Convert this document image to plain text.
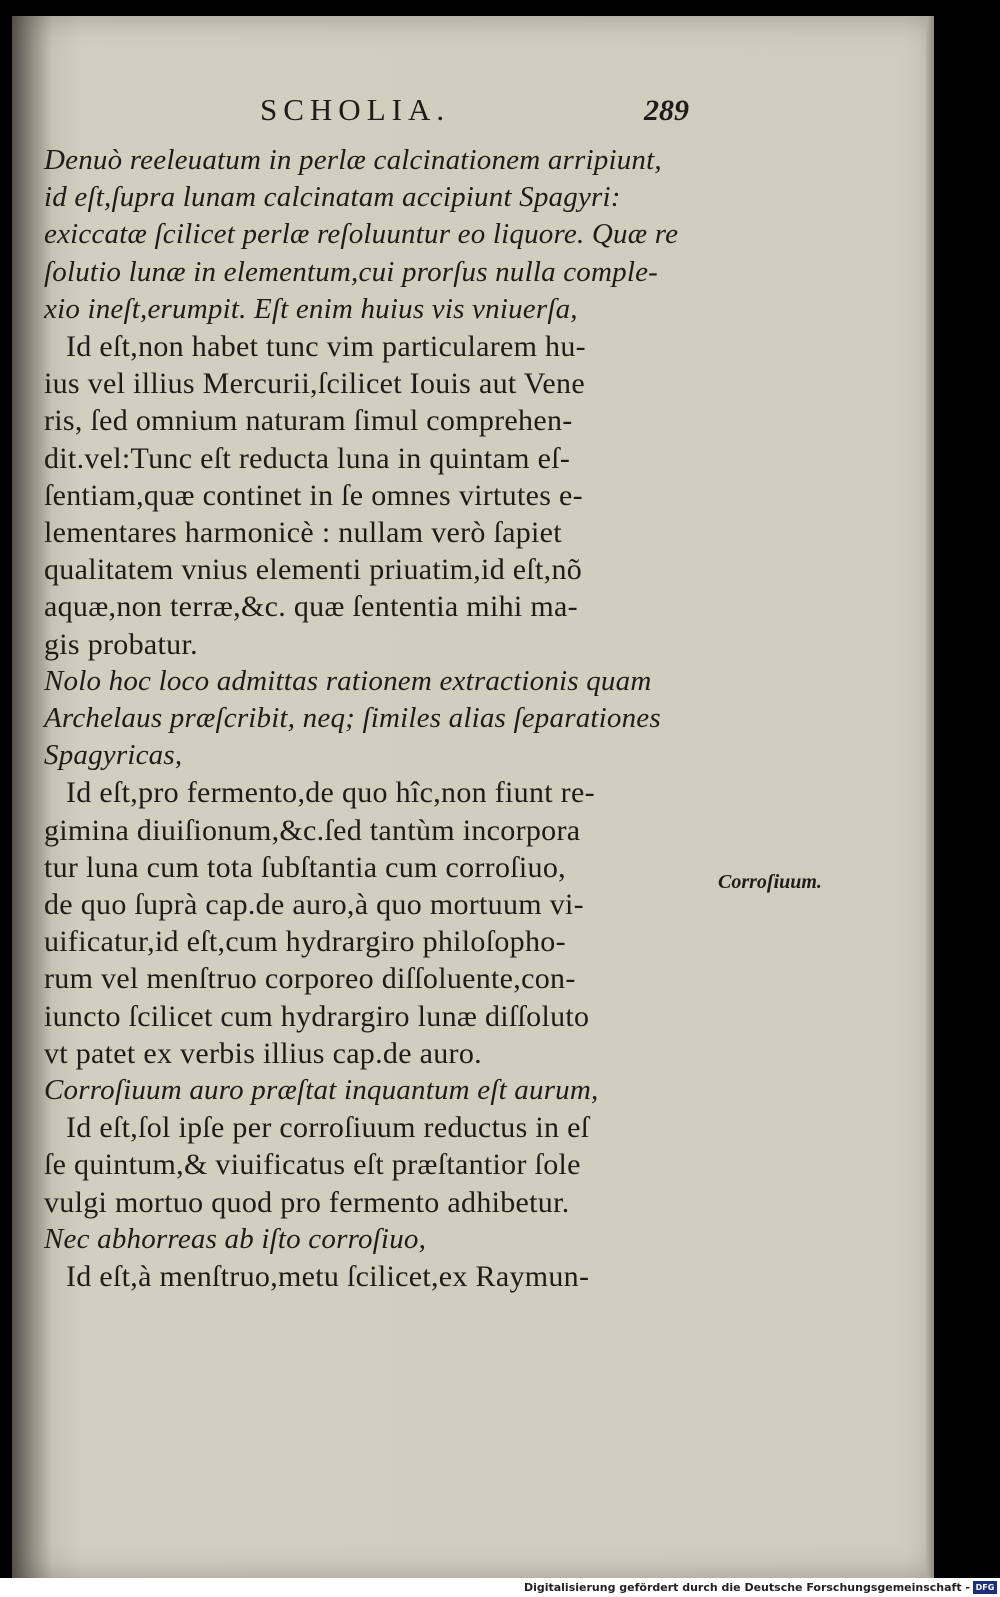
SCHOLIA.	289
Denuò reeleuatum in perlæ calcinationem arripiunt,
id eſt,ſupra lunam calcinatam accipiunt Spagyri:
exiccatæ ſcilicet perlæ reſoluuntur eo liquore. Quæ re
ſolutio lunæ in elementum,cui prorſus nulla comple-
xio ineſt,erumpit. Eſt enim huius vis vniuerſa,
Id eſt,non habet tunc vim particularem hu-
ius vel illius Mercurii,ſcilicet Iouis aut Vene
ris, ſed omnium naturam ſimul comprehen-
dit.vel:Tunc eſt reducta luna in quintam eſ-
ſentiam,quæ continet in ſe omnes virtutes e-
lementares harmonicè : nullam verò ſapiet
qualitatem vnius elementi priuatim,id eſt,nõ
aquæ,non terræ,&c. quæ ſententia mihi ma-
gis probatur.
Nolo hoc loco admittas rationem extractionis quam
Archelaus præſcribit, neq; ſimiles alias ſeparationes
Spagyricas,
Id eſt,pro fermento,de quo hîc,non fiunt re-
gimina diuiſionum,&c.ſed tantùm incorpora
tur luna cum tota ſubſtantia cum corroſiuo,
de quo ſuprà cap.de auro,à quo mortuum vi-
uificatur,id eſt,cum hydrargiro philoſopho-
rum vel menſtruo corporeo diſſoluente,con-
iuncto ſcilicet cum hydrargiro lunæ diſſoluto
vt patet ex verbis illius cap.de auro.
Corroſiuum auro præſtat inquantum eſt aurum,
Id eſt,ſol ipſe per corroſiuum reductus in eſ
ſe quintum,& viuificatus eſt præſtantior ſole
vulgi mortuo quod pro fermento adhibetur.
Nec abhorreas ab iſto corroſiuo,
Id eſt,à menſtruo,metu ſcilicet,ex Raymun-
Corroſiuum.
Digitalisierung gefördert durch die Deutsche Forschungsgemeinschaft - DFG
